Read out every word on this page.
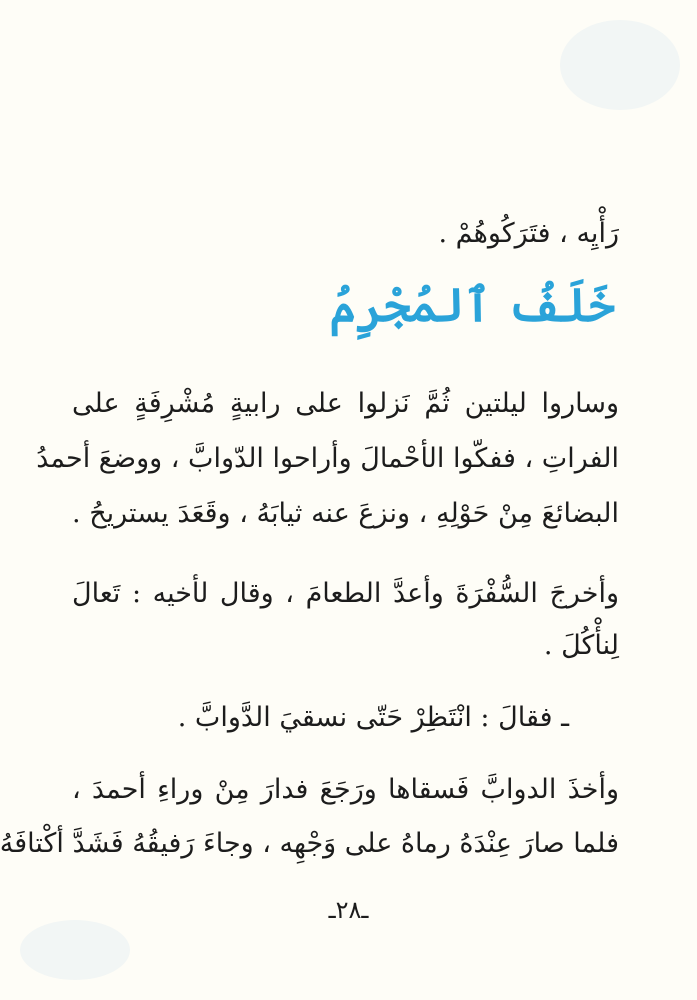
رَأْيِه ، فتَرَكُوهُمْ .
خَلَفُ ٱلمُجْرِمُ
وساروا ليلتين ثُمَّ نَزلوا على رابيةٍ مُشْرِفَةٍ على
الفراتِ ، ففكّوا الأحْمالَ وأراحوا الدّوابَّ ، ووضعَ أحمدُ
البضائعَ مِنْ حَوْلِهِ ، ونزعَ عنه ثيابَهُ ، وقَعَدَ يستريحُ .
وأخرجَ السُّفْرَةَ وأعدَّ الطعامَ ، وقال لأخيه : تَعالَ
لِنأْكُلَ .
ـ فقالَ : انْتَظِرْ حَتّى نسقيَ الدَّوابَّ .
وأخذَ الدوابَّ فَسقاها ورَجَعَ فدارَ مِنْ وراءِ أحمدَ ،
فلما صارَ عِنْدَهُ رماهُ على وَجْهِه ، وجاءَ رَفيقُهُ فَشَدَّ أكْتافَهُ
ـ٢٨ـ
